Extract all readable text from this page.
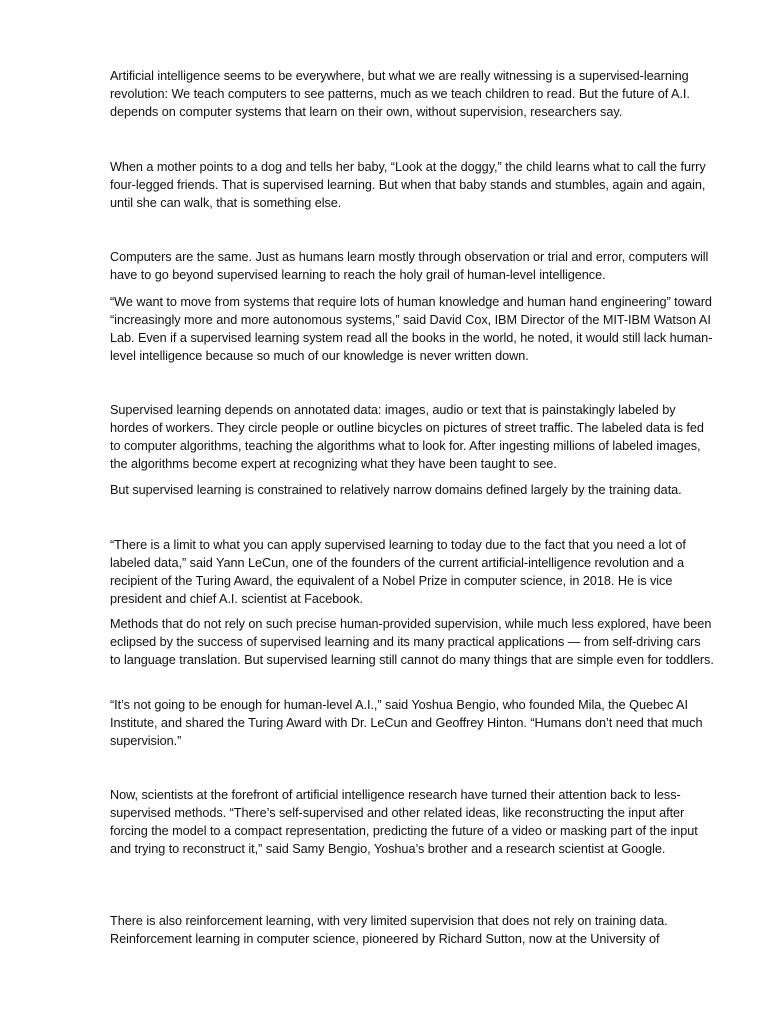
Artificial intelligence seems to be everywhere, but what we are really witnessing is a supervised-learning revolution: We teach computers to see patterns, much as we teach children to read. But the future of A.I. depends on computer systems that learn on their own, without supervision, researchers say.

When a mother points to a dog and tells her baby, “Look at the doggy,” the child learns what to call the furry four-legged friends. That is supervised learning. But when that baby stands and stumbles, again and again, until she can walk, that is something else.

Computers are the same. Just as humans learn mostly through observation or trial and error, computers will have to go beyond supervised learning to reach the holy grail of human-level intelligence.

“We want to move from systems that require lots of human knowledge and human hand engineering” toward “increasingly more and more autonomous systems,” said David Cox, IBM Director of the MIT-IBM Watson AI Lab. Even if a supervised learning system read all the books in the world, he noted, it would still lack human-level intelligence because so much of our knowledge is never written down.

Supervised learning depends on annotated data: images, audio or text that is painstakingly labeled by hordes of workers. They circle people or outline bicycles on pictures of street traffic. The labeled data is fed to computer algorithms, teaching the algorithms what to look for. After ingesting millions of labeled images, the algorithms become expert at recognizing what they have been taught to see.

But supervised learning is constrained to relatively narrow domains defined largely by the training data.

“There is a limit to what you can apply supervised learning to today due to the fact that you need a lot of labeled data,” said Yann LeCun, one of the founders of the current artificial-intelligence revolution and a recipient of the Turing Award, the equivalent of a Nobel Prize in computer science, in 2018. He is vice president and chief A.I. scientist at Facebook.

Methods that do not rely on such precise human-provided supervision, while much less explored, have been eclipsed by the success of supervised learning and its many practical applications — from self-driving cars to language translation. But supervised learning still cannot do many things that are simple even for toddlers.

“It’s not going to be enough for human-level A.I.,” said Yoshua Bengio, who founded Mila, the Quebec AI Institute, and shared the Turing Award with Dr. LeCun and Geoffrey Hinton. “Humans don’t need that much supervision.”

Now, scientists at the forefront of artificial intelligence research have turned their attention back to less-supervised methods. “There’s self-supervised and other related ideas, like reconstructing the input after forcing the model to a compact representation, predicting the future of a video or masking part of the input and trying to reconstruct it,” said Samy Bengio, Yoshua’s brother and a research scientist at Google.

There is also reinforcement learning, with very limited supervision that does not rely on training data. Reinforcement learning in computer science, pioneered by Richard Sutton, now at the University of
